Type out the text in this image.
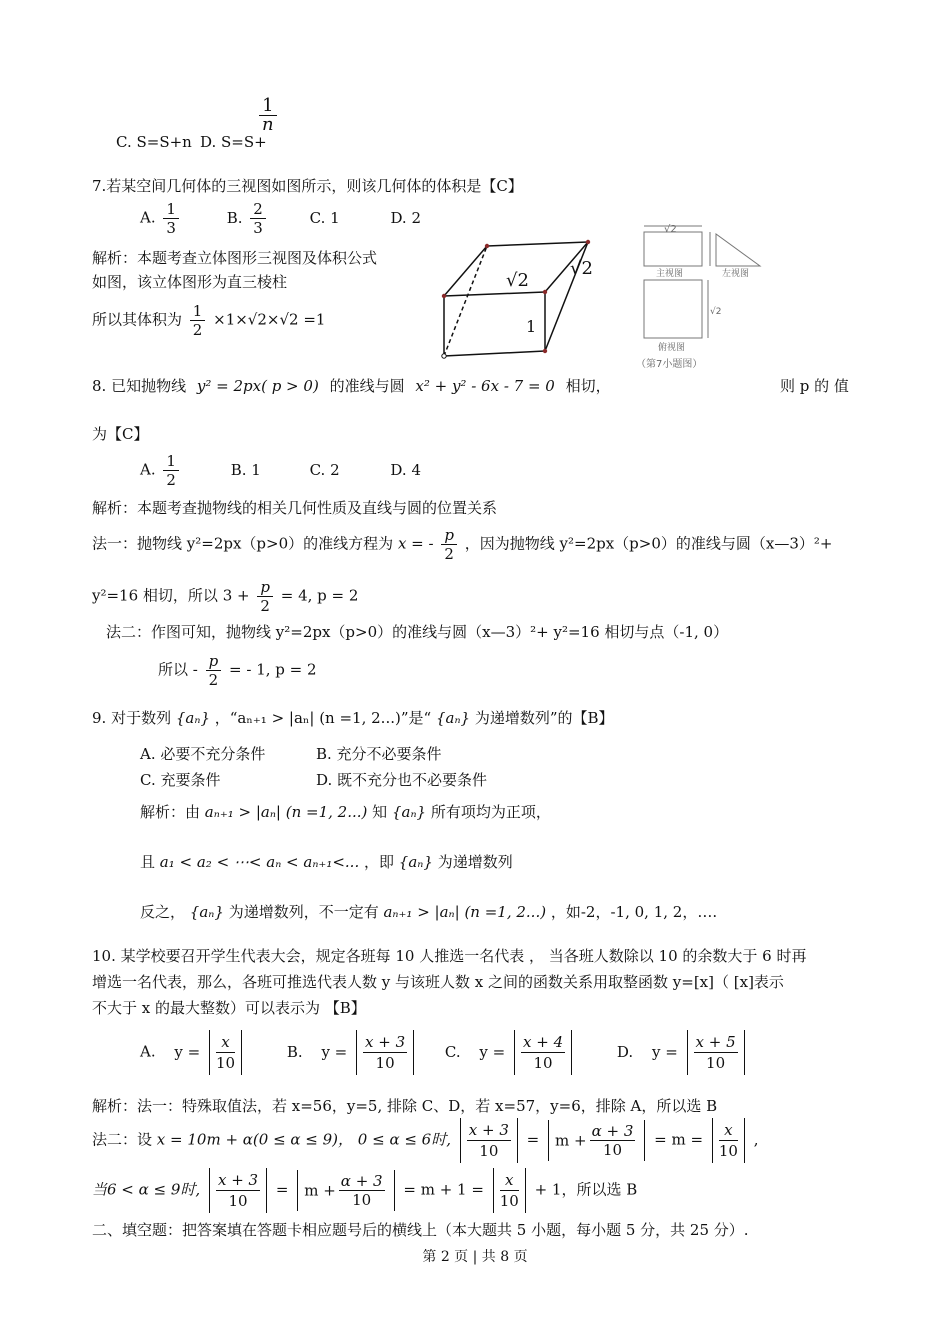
C. S=S+n D. S=S+
$\frac{1}{n}$
7.若某空间几何体的三视图如图所示，则该几何体的体积是【C】
A. $\frac{1}{3}$	B. $\frac{2}{3}$	C. 1	D. 2
解析：本题考查立体图形三视图及体积公式
如图，该立体图形为直三棱柱
所以其体积为 $\frac{1}{2} \times 1\times√2\times√2 =1$
√2
√2
1
√2
主视图	左视图
√2
俯视图
（第7小题图）
8. 已知抛物线 y² = 2px( p > 0) 的准线与圆 x² + y² - 6x - 7 = 0 相切，	则 p 的 值
为【C】
A. $\frac{1}{2}$	B. 1	C. 2	D. 4
解析：本题考查抛物线的相关几何性质及直线与圆的位置关系
法一：抛物线 y²=2px（p>0）的准线方程为 x = - $\frac{p}{2}$ ，因为抛物线 y²=2px（p>0）的准线与圆（x—3）²+
y²=16 相切，所以 $3 + \frac{p}{2} = 4$, p = 2
法二：作图可知，抛物线 y²=2px（p>0）的准线与圆（x—3）²+ y²=16 相切与点（-1, 0）
所以 - $\frac{p}{2}$ = - 1, p = 2
9. 对于数列 {aₙ} ，“aₙ₊₁ > |aₙ| (n =1, 2...)”是“ {aₙ} 为递增数列”的【B】
A. 必要不充分条件	B. 充分不必要条件
C. 充要条件	D. 既不充分也不必要条件
解析：由 aₙ₊₁ > |aₙ| (n =1, 2...) 知 {aₙ} 所有项均为正项，
且 a₁ < a₂ < ⋯< aₙ < aₙ₊₁<... ，即 {aₙ} 为递增数列
反之， {aₙ} 为递增数列，不一定有 aₙ₊₁ > |aₙ| (n =1, 2...) ，如-2，-1, 0, 1, 2，….
10. 某学校要召开学生代表大会，规定各班每 10 人推选一名代表 ， 当各班人数除以 10 的余数大于 6 时再
增选一名代表，那么，各班可推选代表人数 y 与该班人数 x 之间的函数关系用取整函数 y=[x]（ [x]表示
不大于 x 的最大整数）可以表示为 【B】
A. $y = \frac{x}{10}$	B. $y = \frac{x + 3}{10} C$. $y = \frac{x + 4}{10}$	D. $y = \frac{x + 5}{10}$
解析：法一：特殊取值法，若 x=56，y=5, 排除 C、D，若 x=57，y=6，排除 A，所以选 B
法二：设 x = 10m + α(0 ≤ α ≤ 9)， 0 ≤ α ≤ 6时, $\frac{x + 3}{10} = m + \frac{\alpha + 3}{10} = m = \frac{x}{10}$ ,
当6 < α ≤ 9时, $\frac{x + 3}{10} = m + \frac{\alpha + 3}{10} = m + 1 = \frac{x}{10} + 1$，所以选 B
二、填空题：把答案填在答题卡相应题号后的横线上（本大题共 5 小题，每小题 5 分，共 25 分）.
第 2 页 | 共 8 页
